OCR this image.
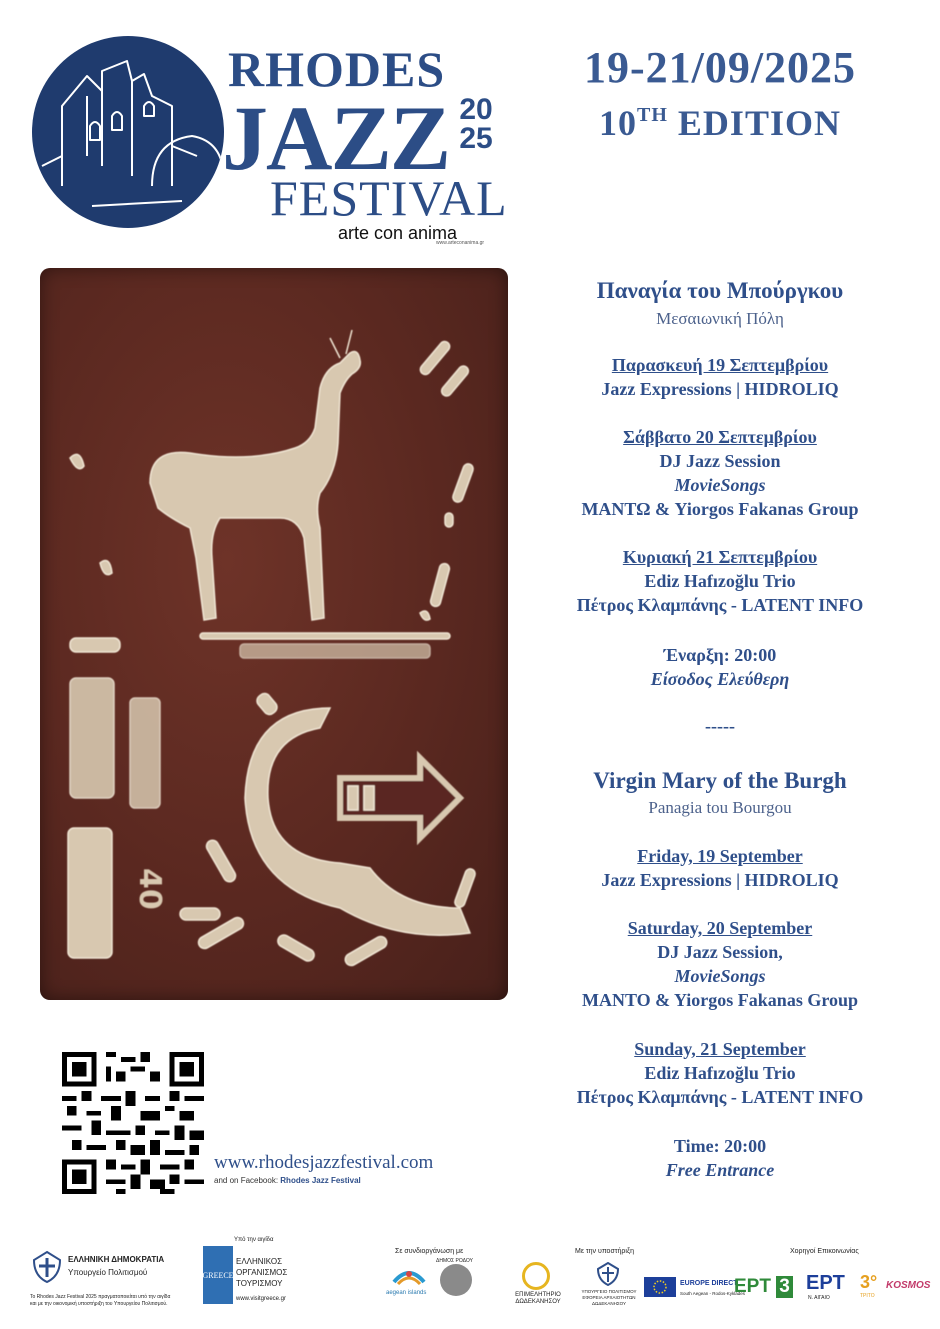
RHODES
JAZZ 20
25
FESTIVAL
arte con anima
www.arteconanima.gr
19-21/09/2025
10TH EDITION
40
Παναγία του Μπούργκου
Μεσαιωνική Πόλη
Παρασκευή 19 Σεπτεμβρίου
Jazz Expressions | HIDROLIQ
Σάββατο 20 Σεπτεμβρίου
DJ Jazz Session
MovieSongs
ΜΑΝΤΩ & Yiorgos Fakanas Group
Κυριακή 21 Σεπτεμβρίου
Ediz Hafızoğlu Trio
Πέτρος Κλαμπάνης - LATENT INFO
Έναρξη: 20:00
Είσοδος Ελεύθερη
-----
Virgin Mary of the Burgh
Panagia tou Bourgou
Friday, 19 September
Jazz Expressions | HIDROLIQ
Saturday, 20 September
DJ Jazz Session,
MovieSongs
MANTO & Yiorgos Fakanas Group
Sunday, 21 September
Ediz Hafızoğlu Trio
Πέτρος Κλαμπάνης - LATENT INFO
Time: 20:00
Free Entrance
www.rhodesjazzfestival.com
and on Facebook: Rhodes Jazz Festival
ΕΛΛΗΝΙΚΗ ΔΗΜΟΚΡΑΤΙΑ
Υπουργείο Πολιτισμού
Το Rhodes Jazz Festival 2025 πραγματοποιείται υπό την αιγίδα
και με την οικονομική υποστήριξη του Υπουργείου Πολιτισμού.
Υπό την αιγίδα
GREECE
ΕΛΛΗΝΙΚΟΣ
ΟΡΓΑΝΙΣΜΟΣ
ΤΟΥΡΙΣΜΟΥ
www.visitgreece.gr
Σε συνδιοργάνωση με
aegean islands
ΔΗΜΟΣ ΡΟΔΟΥ
Με την υποστήριξη
ΕΠΙΜΕΛΗΤΗΡΙΟ
ΔΩΔΕΚΑΝΗΣΟΥ
ΥΠΟΥΡΓΕΙΟ ΠΟΛΙΤΙΣΜΟΥ
ΕΦΟΡΕΙΑ ΑΡΧΑΙΟΤΗΤΩΝ
ΔΩΔΕΚΑΝΗΣΟΥ
EUROPE DIRECT
South Aegean - Rodos-Kyklades
Χορηγοί Επικοινωνίας
ΕΡΤ 3 ΕΡΤ
Ν. ΑΙΓΑΙΟ
3°
ΤΡΙΤΟ
KOSMOS
